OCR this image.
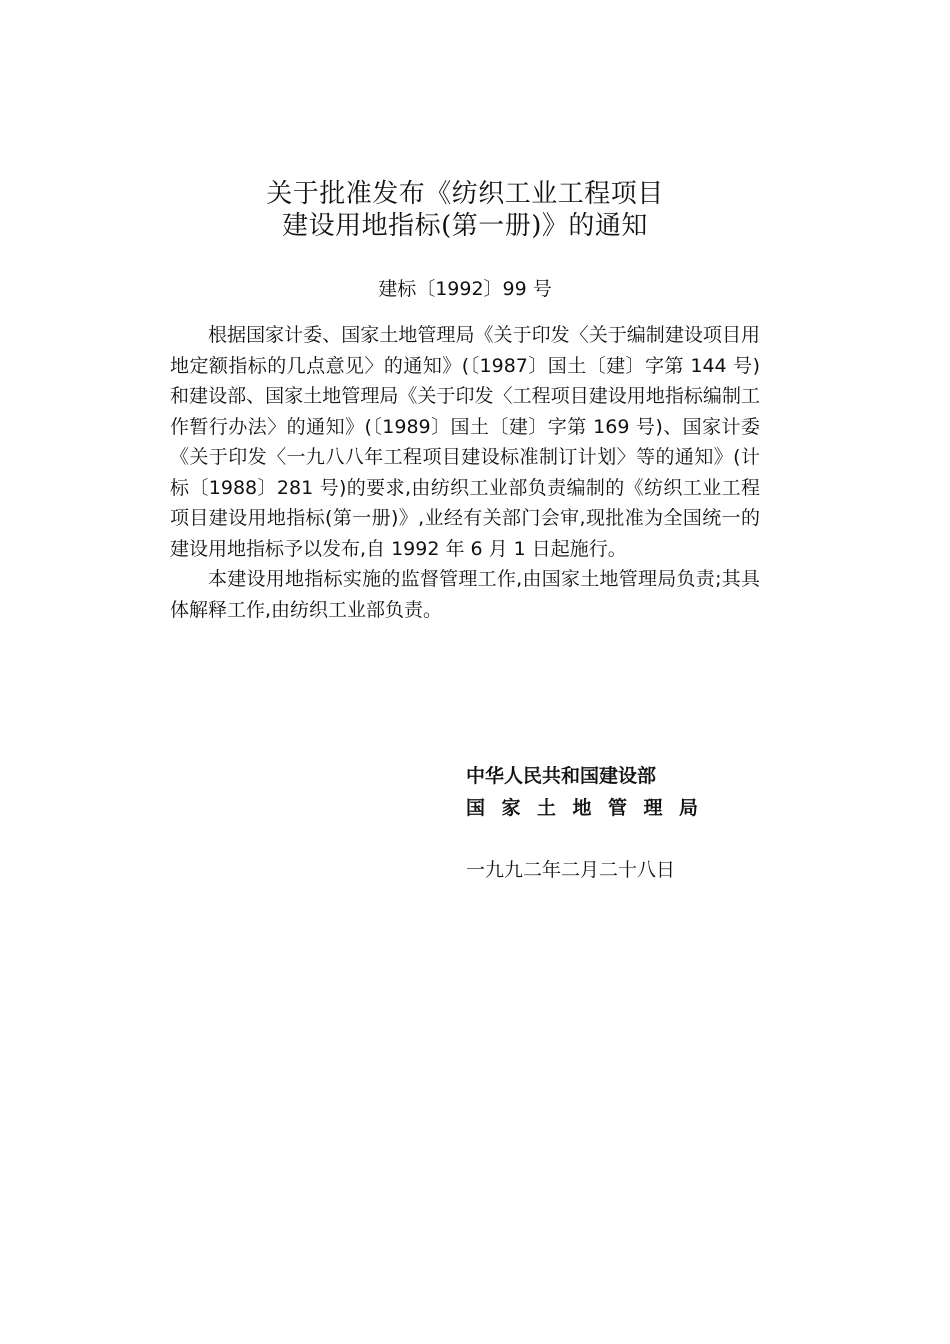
关于批准发布《纺织工业工程项目
建设用地指标(第一册)》的通知
建标〔1992〕99 号

根据国家计委、国家土地管理局《关于印发〈关于编制建设项目用地定额指标的几点意见〉的通知》(〔1987〕国土〔建〕字第 144 号)和建设部、国家土地管理局《关于印发〈工程项目建设用地指标编制工作暂行办法〉的通知》(〔1989〕国土〔建〕字第 169 号)、国家计委《关于印发〈一九八八年工程项目建设标准制订计划〉等的通知》(计标〔1988〕281 号)的要求,由纺织工业部负责编制的《纺织工业工程项目建设用地指标(第一册)》,业经有关部门会审,现批准为全国统一的建设用地指标予以发布,自 1992 年 6 月 1 日起施行。

本建设用地指标实施的监督管理工作,由国家土地管理局负责;其具体解释工作,由纺织工业部负责。

中华人民共和国建设部
国 家 土 地 管 理 局
一九九二年二月二十八日
